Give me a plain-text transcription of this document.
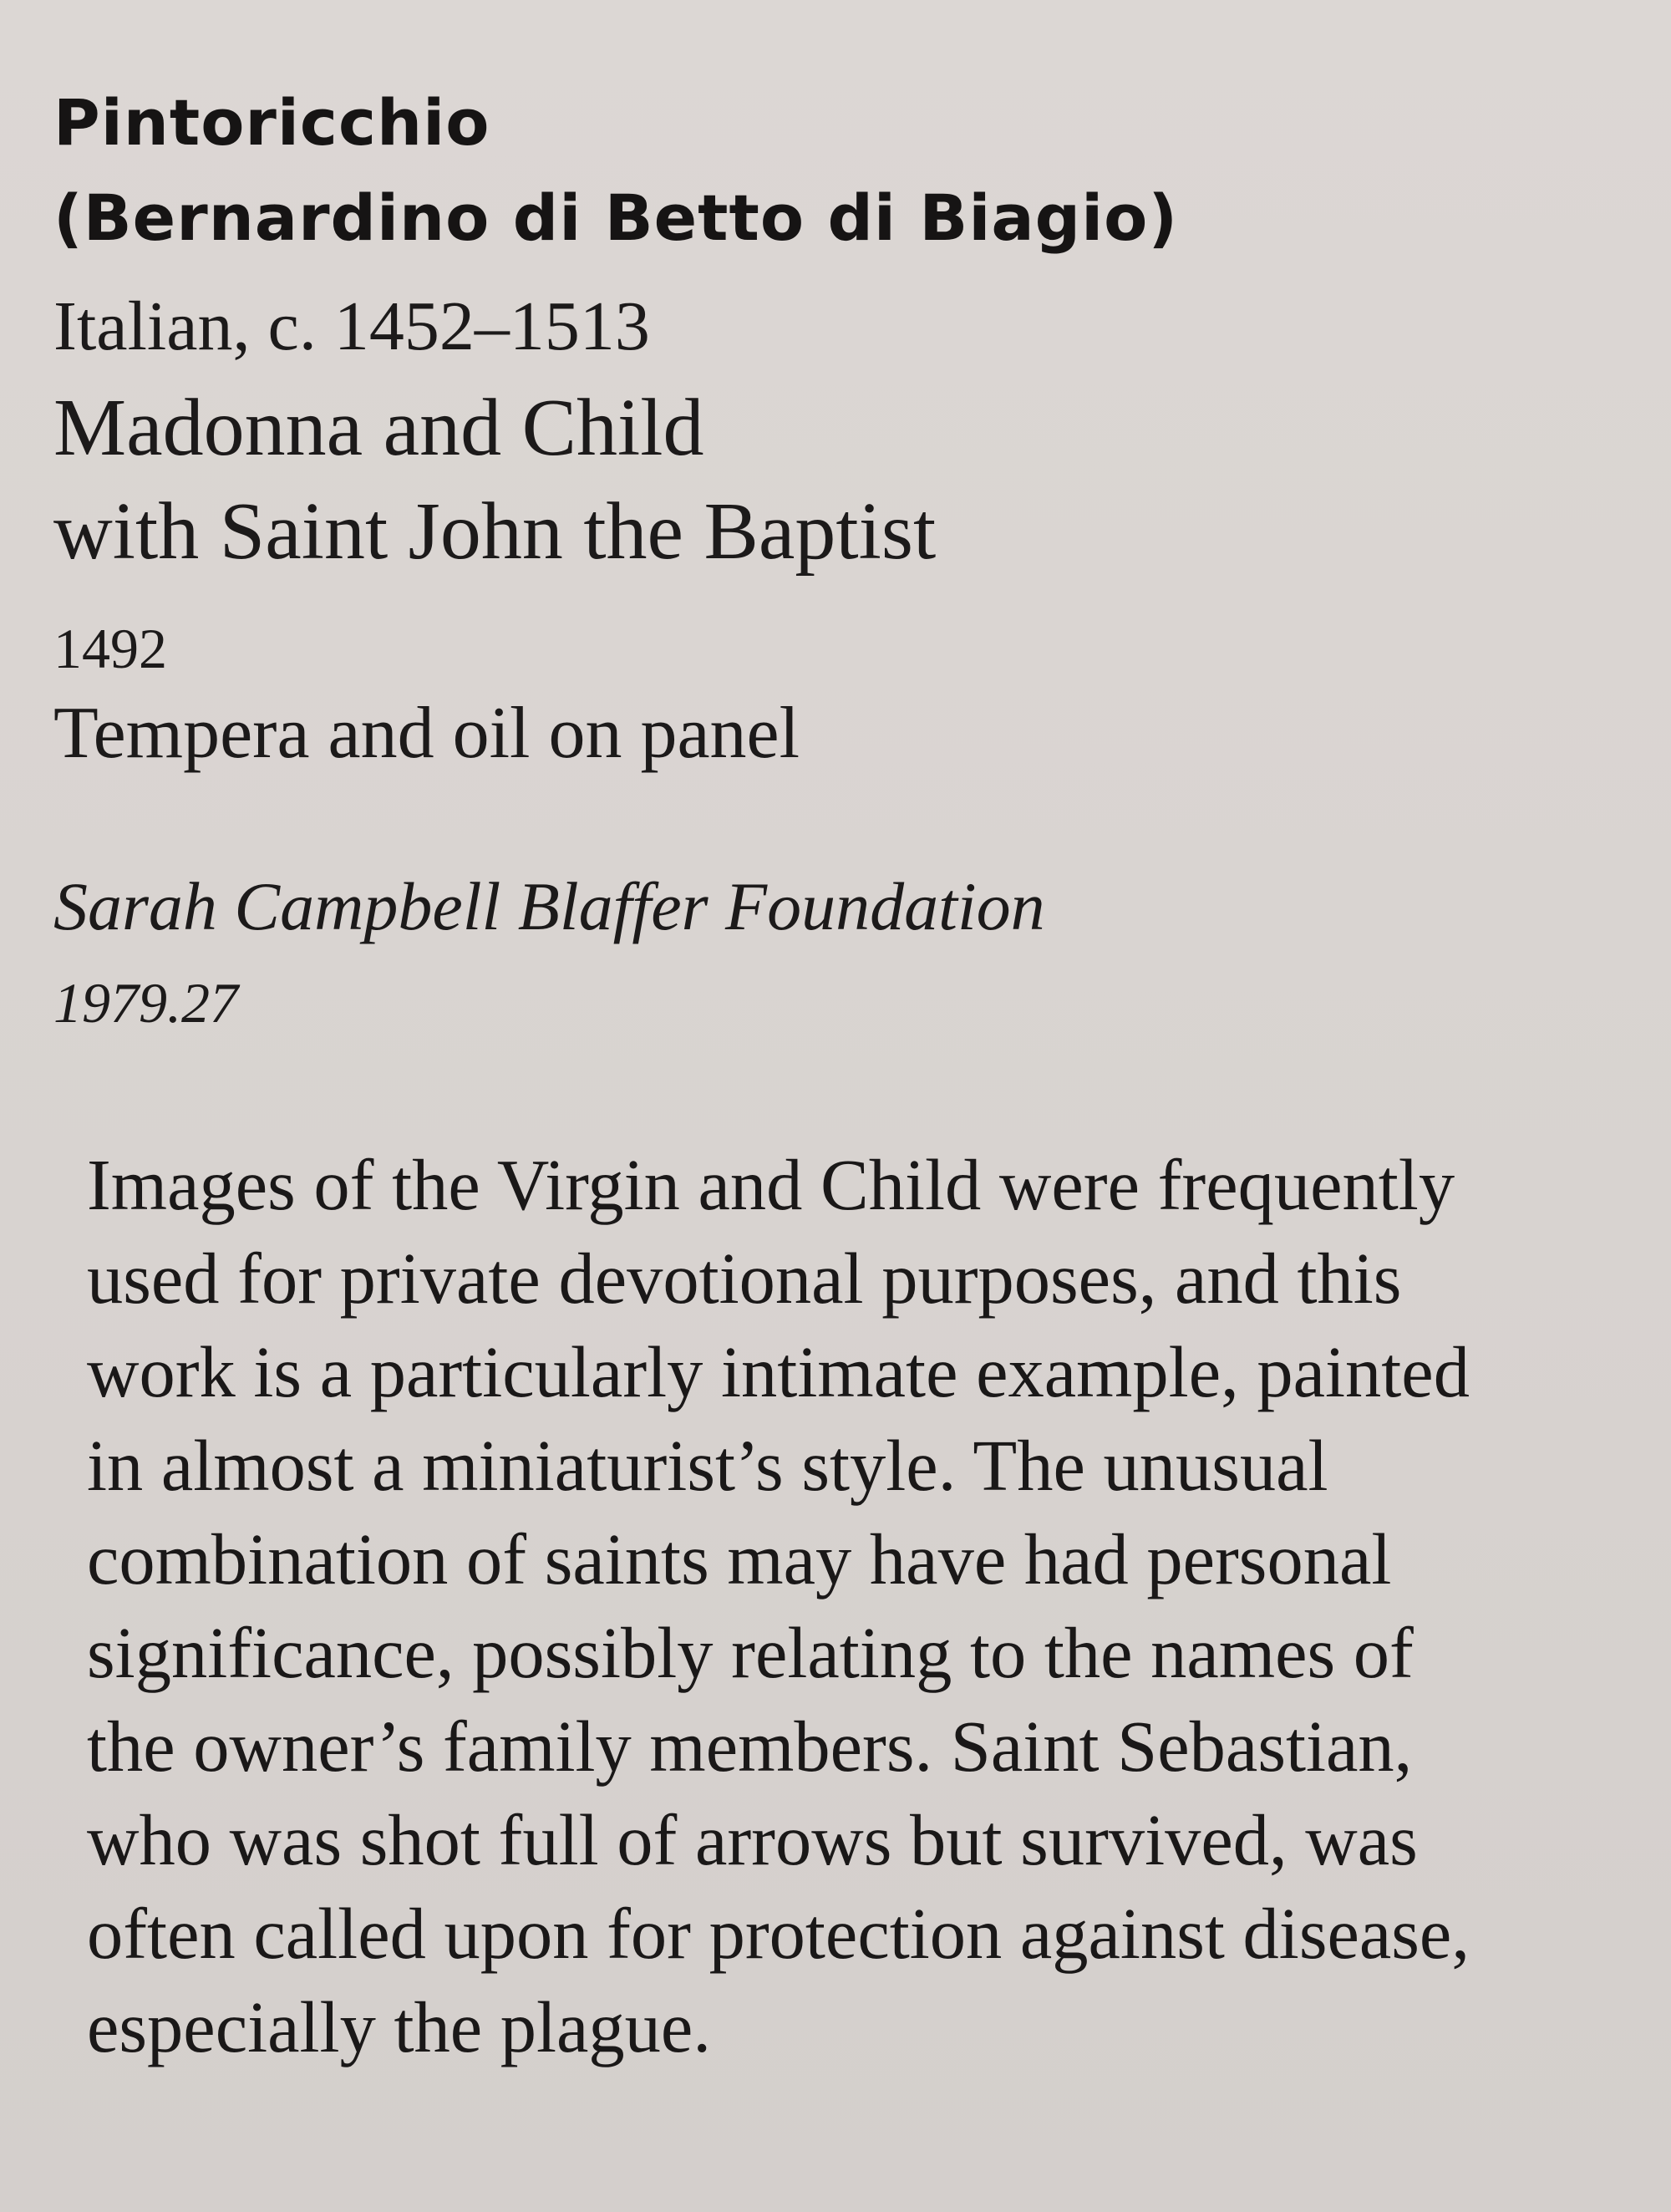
Pintoricchio
(Bernardino di Betto di Biagio)
Italian, c. 1452–1513
Madonna and Child
with Saint John the Baptist
1492
Tempera and oil on panel
Sarah Campbell Blaffer Foundation
1979.27
Images of the Virgin and Child were frequently
used for private devotional purposes, and this
work is a particularly intimate example, painted
in almost a miniaturist’s style. The unusual
combination of saints may have had personal
significance, possibly relating to the names of
the owner’s family members. Saint Sebastian,
who was shot full of arrows but survived, was
often called upon for protection against disease,
especially the plague.
